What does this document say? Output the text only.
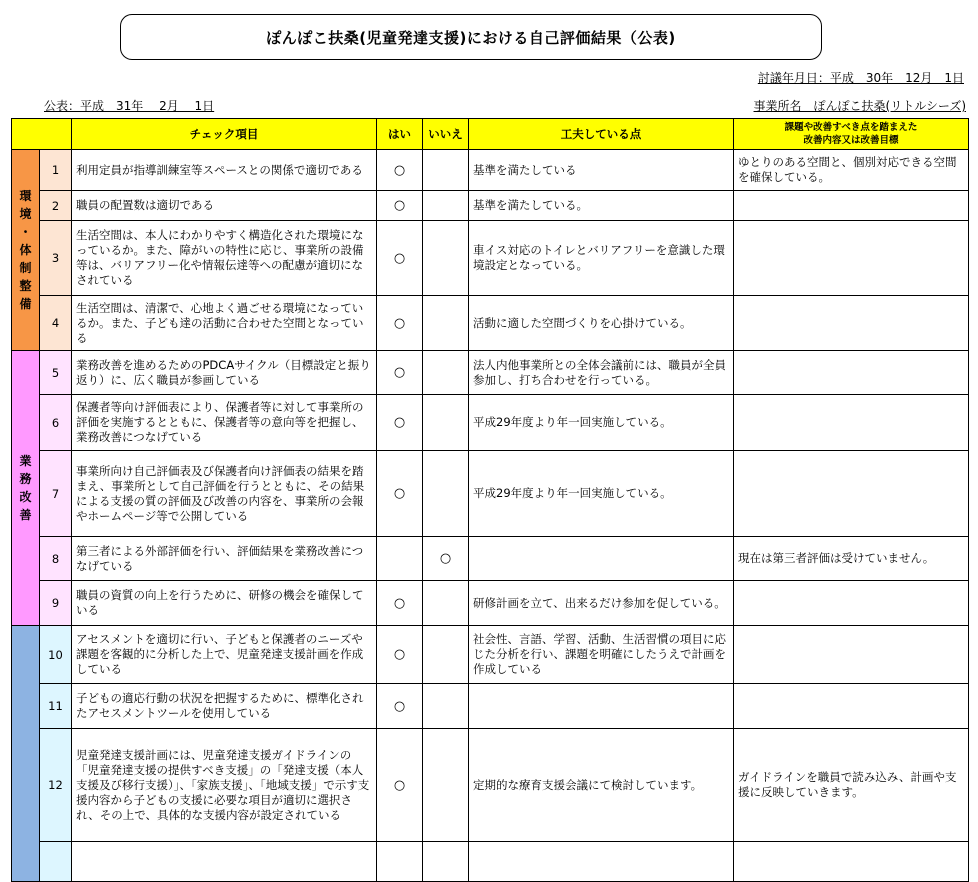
ぽんぽこ扶桑(児童発達支援)における自己評価結果（公表)
討議年月日：平成　30年　12月　1日
公表：平成　31年　 2月　 1日	事業所名　ぽんぽこ扶桑(リトルシーズ)
		チェック項目	はい	いいえ	工夫している点	課題や改善すべき点を踏まえた
改善内容又は改善目標

環境・体制整備	1	利用定員が指導訓練室等スペースとの関係で適切である	○		基準を満たしている	ゆとりのある空間と、個別対応できる空間を確保している。
	2	職員の配置数は適切である	○		基準を満たしている。	
	3	生活空間は、本人にわかりやすく構造化された環境になっているか。また、障がいの特性に応じ、事業所の設備等は、バリアフリー化や情報伝達等への配慮が適切になされている	○		車イス対応のトイレとバリアフリーを意識した環境設定となっている。	
	4	生活空間は、清潔で、心地よく過ごせる環境になっているか。また、子ども達の活動に合わせた空間となっている	○		活動に適した空間づくりを心掛けている。	
業務改善	5	業務改善を進めるためのPDCAサイクル（目標設定と振り返り）に、広く職員が参画している	○		法人内他事業所との全体会議前には、職員が全員参加し、打ち合わせを行っている。	
	6	保護者等向け評価表により、保護者等に対して事業所の評価を実施するとともに、保護者等の意向等を把握し、業務改善につなげている	○		平成29年度より年一回実施している。	
	7	事業所向け自己評価表及び保護者向け評価表の結果を踏まえ、事業所として自己評価を行うとともに、その結果による支援の質の評価及び改善の内容を、事業所の会報やホームページ等で公開している	○		平成29年度より年一回実施している。	
	8	第三者による外部評価を行い、評価結果を業務改善につなげている		○		現在は第三者評価は受けていません。
	9	職員の資質の向上を行うために、研修の機会を確保している	○		研修計画を立て、出来るだけ参加を促している。	
	10	アセスメントを適切に行い、子どもと保護者のニーズや課題を客観的に分析した上で、児童発達支援計画を作成している	○		社会性、言語、学習、活動、生活習慣の項目に応じた分析を行い、課題を明確にしたうえで計画を作成している	
	11	子どもの適応行動の状況を把握するために、標準化されたアセスメントツールを使用している	○			
	12	児童発達支援計画には、児童発達支援ガイドラインの「児童発達支援の提供すべき支援」の「発達支援（本人支援及び移行支援）」、「家族支援」、「地域支援」で示す支援内容から子どもの支援に必要な項目が適切に選択され、その上で、具体的な支援内容が設定されている	○		定期的な療育支援会議にて検討しています。	ガイドラインを職員で読み込み、計画や支援に反映していきます。
